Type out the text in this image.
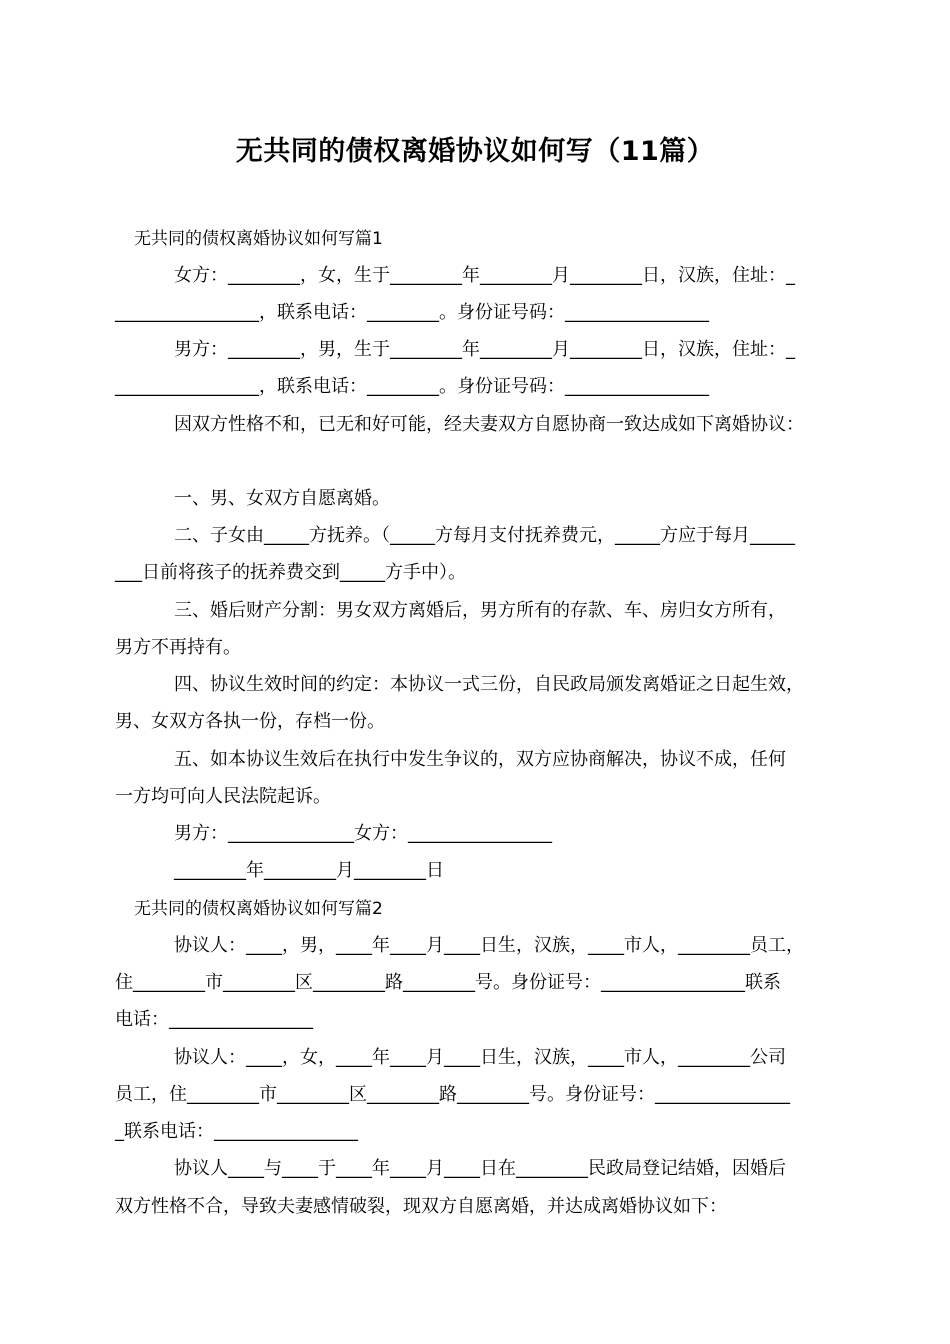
无共同的债权离婚协议如何写（11篇）
无共同的债权离婚协议如何写篇1
女方：________，女，生于________年________月________日，汉族，住址：_
________________，联系电话：________。身份证号码：________________
男方：________，男，生于________年________月________日，汉族，住址：_
________________，联系电话：________。身份证号码：________________
因双方性格不和，已无和好可能，经夫妻双方自愿协商一致达成如下离婚协议：
一、男、女双方自愿离婚。
二、子女由_____方抚养。（_____方每月支付抚养费元，_____方应于每月_____
___日前将孩子的抚养费交到_____方手中）。
三、婚后财产分割：男女双方离婚后，男方所有的存款、车、房归女方所有，
男方不再持有。
四、协议生效时间的约定：本协议一式三份，自民政局颁发离婚证之日起生效，
男、女双方各执一份，存档一份。
五、如本协议生效后在执行中发生争议的，双方应协商解决，协议不成，任何
一方均可向人民法院起诉。
男方：______________女方：________________
________年________月________日
无共同的债权离婚协议如何写篇2
协议人：____，男，____年____月____日生，汉族，____市人，________员工，
住________市________区________路________号。身份证号：________________联系
电话：________________
协议人：____，女，____年____月____日生，汉族，____市人，________公司
员工，住________市________区________路________号。身份证号：_______________
_联系电话：________________
协议人____与____于____年____月____日在________民政局登记结婚，因婚后
双方性格不合，导致夫妻感情破裂，现双方自愿离婚，并达成离婚协议如下：
